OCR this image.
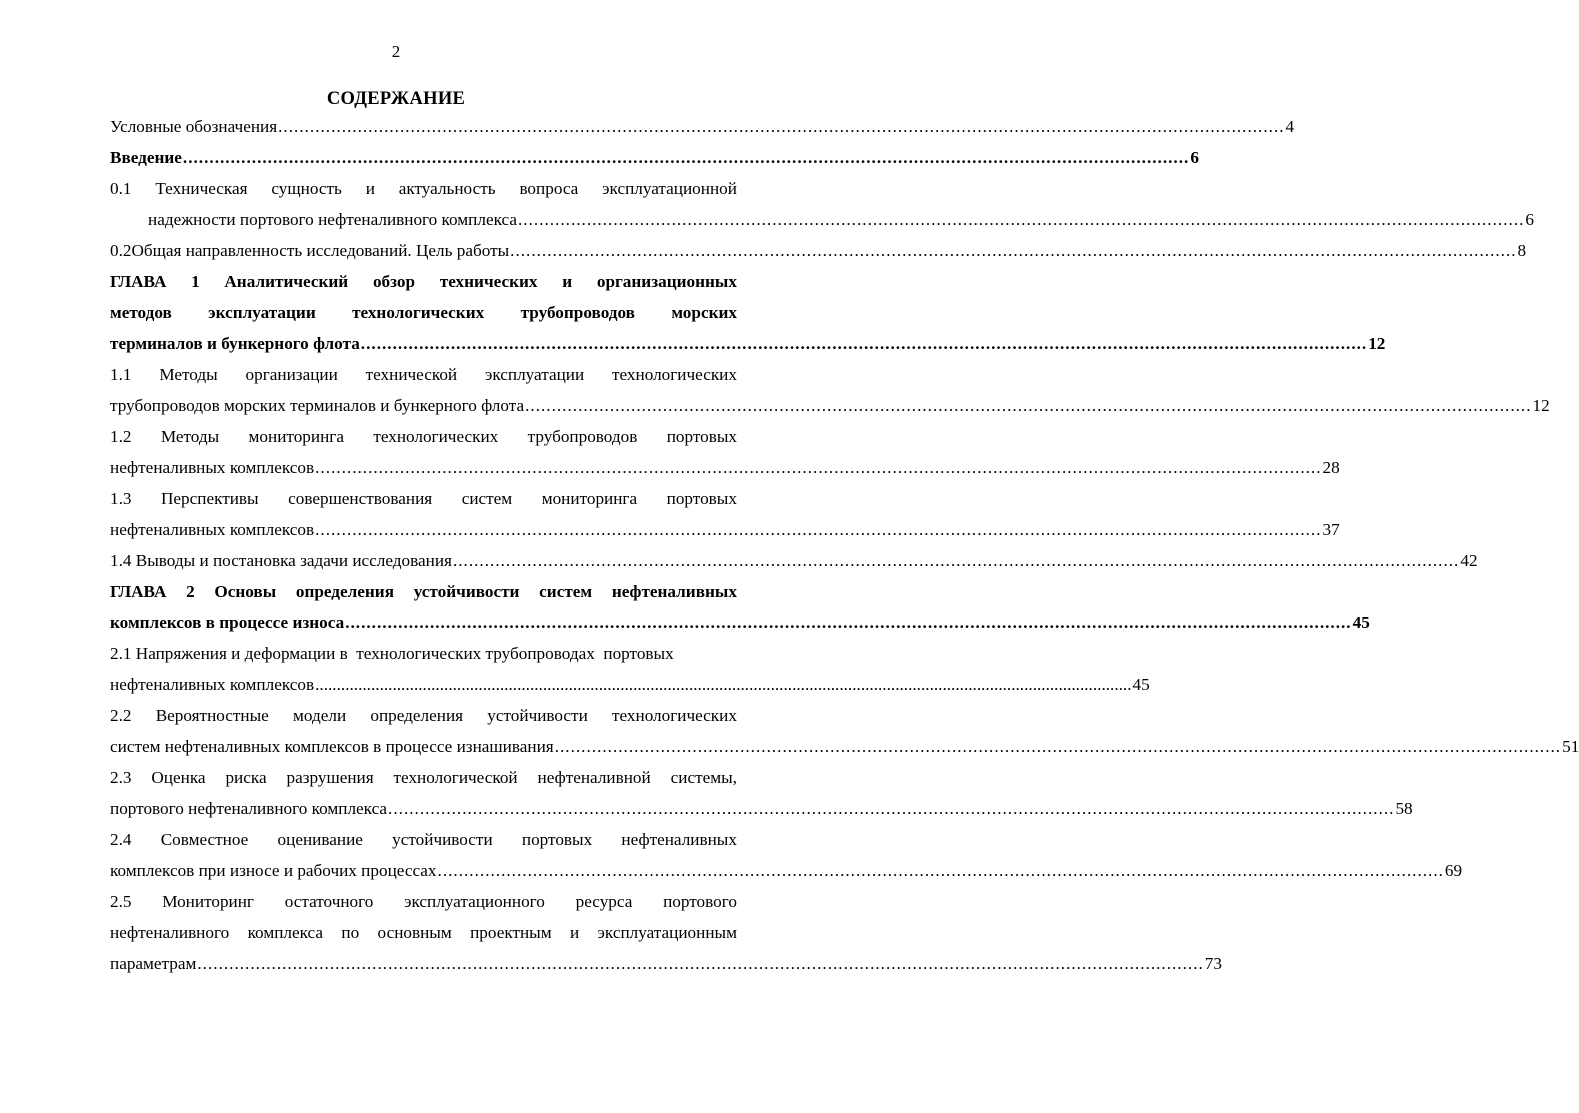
2
СОДЕРЖАНИЕ
Условные обозначения .............................................................................................................................................................................................. 4
Введение .............................................................................................................................................................................................. 6
0.1 Техническая сущность и актуальность вопроса эксплуатационной
надежности портового нефтеналивного комплекса .............................................................................................................................................................................................. 6
0.2 Общая направленность исследований. Цель работы .............................................................................................................................................................................................. 8
ГЛАВА 1 Аналитический обзор технических и организационных
методов эксплуатации технологических трубопроводов морских
терминалов и бункерного флота .............................................................................................................................................................................................. 12
1.1 Методы организации технической эксплуатации технологических
трубопроводов морских терминалов и бункерного флота .............................................................................................................................................................................................. 12
1.2 Методы мониторинга технологических трубопроводов портовых
нефтеналивных комплексов .............................................................................................................................................................................................. 28
1.3 Перспективы совершенствования систем мониторинга портовых
нефтеналивных комплексов .............................................................................................................................................................................................. 37
1.4 Выводы и постановка задачи исследования .............................................................................................................................................................................................. 42
ГЛАВА 2 Основы определения устойчивости систем нефтеналивных
комплексов в процессе износа .............................................................................................................................................................................................. 45
2.1 Напряжения и деформации в  технологических трубопроводах  портовых
нефтеналивных комплексов .............................................................................................................................................................................................. 45
2.2 Вероятностные модели определения устойчивости технологических
систем нефтеналивных комплексов в процессе изнашивания .............................................................................................................................................................................................. 51
2.3 Оценка риска разрушения технологической нефтеналивной системы,
портового нефтеналивного комплекса .............................................................................................................................................................................................. 58
2.4 Совместное оценивание устойчивости портовых нефтеналивных
комплексов при износе и рабочих процессах .............................................................................................................................................................................................. 69
2.5 Мониторинг остаточного эксплуатационного ресурса портового
нефтеналивного комплекса по основным проектным и эксплуатационным
параметрам .............................................................................................................................................................................................. 73
